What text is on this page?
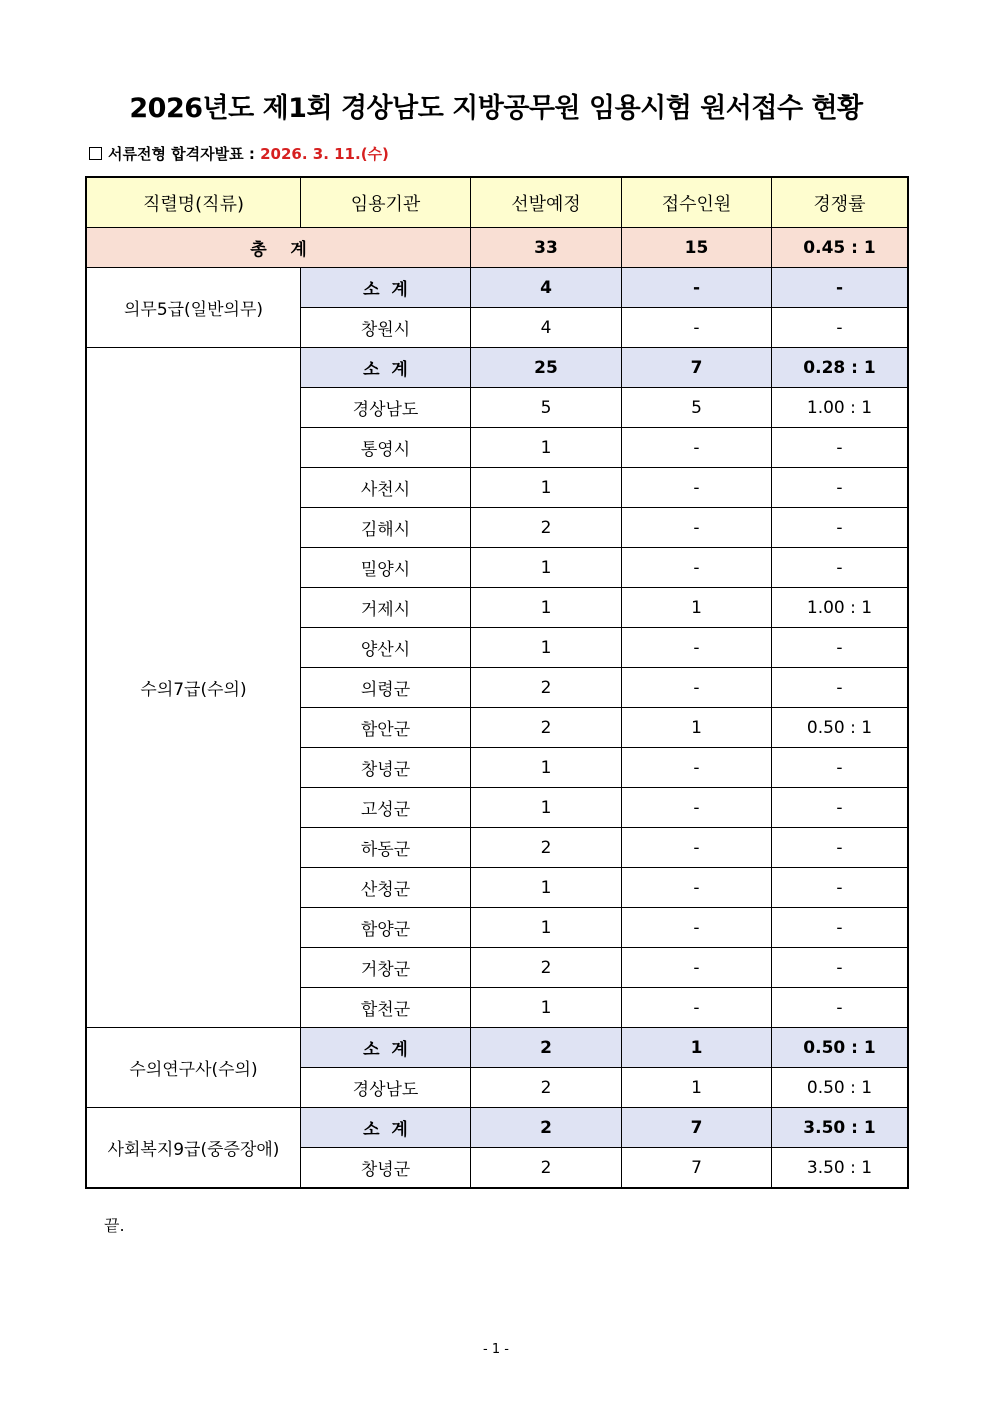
2026년도 제1회 경상남도 지방공무원 임용시험 원서접수 현황
서류전형 합격자발표 : 2026. 3. 11.(수)
직렬명(직류)	임용기관	선발예정	접수인원	경쟁률
총    계		33	15	0.45 : 1
의무5급(일반의무)	소  계	4	-	-
	창원시	4	-	-
수의7급(수의)	소  계	25	7	0.28 : 1
	경상남도	5	5	1.00 : 1
	통영시	1	-	-
	사천시	1	-	-
	김해시	2	-	-
	밀양시	1	-	-
	거제시	1	1	1.00 : 1
	양산시	1	-	-
	의령군	2	-	-
	함안군	2	1	0.50 : 1
	창녕군	1	-	-
	고성군	1	-	-
	하동군	2	-	-
	산청군	1	-	-
	함양군	1	-	-
	거창군	2	-	-
	합천군	1	-	-
수의연구사(수의)	소  계	2	1	0.50 : 1
	경상남도	2	1	0.50 : 1
사회복지9급(중증장애)	소  계	2	7	3.50 : 1
	창녕군	2	7	3.50 : 1
끝.
- 1 -
